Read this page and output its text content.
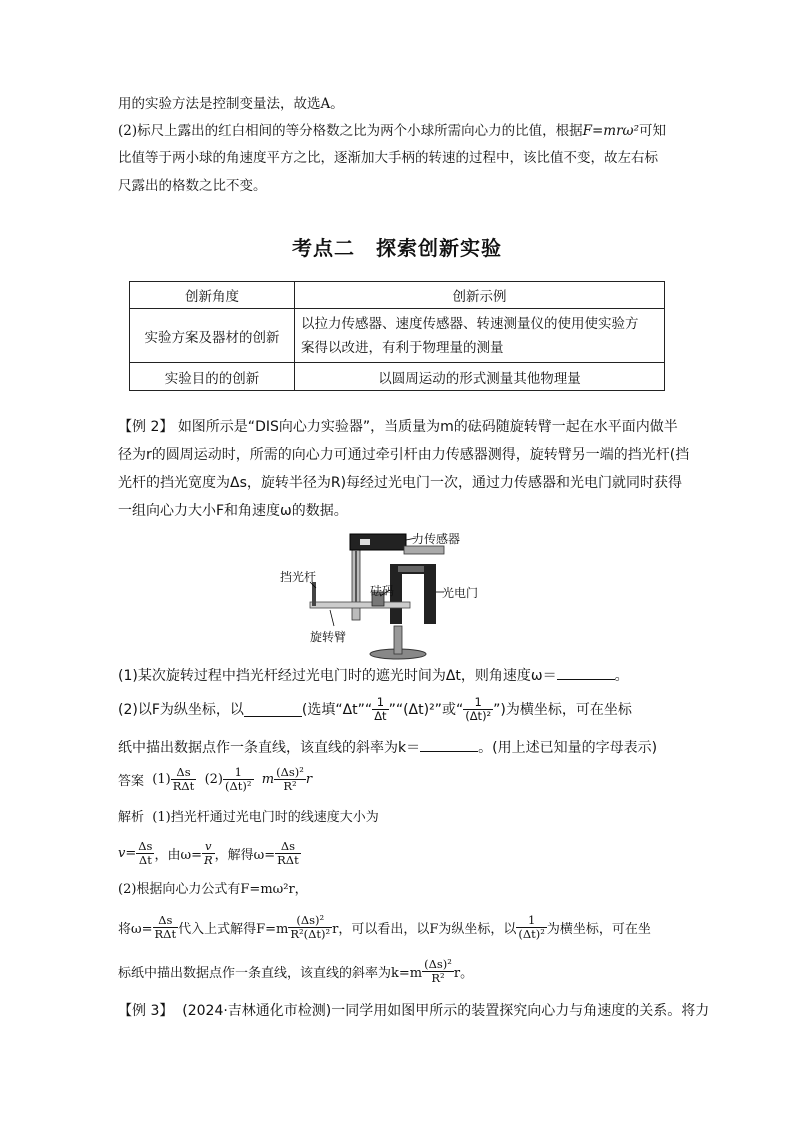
用的实验方法是控制变量法，故选A。
(2)标尺上露出的红白相间的等分格数之比为两个小球所需向心力的比值，根据F=mrω²可知
比值等于两小球的角速度平方之比，逐渐加大手柄的转速的过程中，该比值不变，故左右标
尺露出的格数之比不变。
考点二　探索创新实验
创新角度	创新示例
实验方案及器材的创新	以拉力传感器、速度传感器、转速测量仪的使用使实验方
案得以改进，有利于物理量的测量

实验目的的创新	以圆周运动的形式测量其他物理量
【例 2】 如图所示是“DIS向心力实验器”，当质量为m的砝码随旋转臂一起在水平面内做半
径为r的圆周运动时，所需的向心力可通过牵引杆由力传感器测得，旋转臂另一端的挡光杆(挡
光杆的挡光宽度为Δs，旋转半径为R)每经过光电门一次，通过力传感器和光电门就同时获得
一组向心力大小F和角速度ω的数据。
力传感器
挡光杆
砝码	光电门
旋转臂
(1)某次旋转过程中挡光杆经过光电门时的遮光时间为Δt，则角速度ω＝	。
(2)以F为纵坐标，以	(选填“Δt”“ $\frac{1}{\Delta t}$ ”“(Δt)²”或“ $\frac{1}{\text{(Δt)²}}$ ”)为横坐标，可在坐标
纸中描出数据点作一条直线，该直线的斜率为k＝	。(用上述已知量的字母表示)
答案
$(1) \frac{\Delta s}{\text{RΔt}}$
$(2) \frac{1}{\text{(Δt)²}}$
m $\frac{\text{(Δs)²}}{\text{R²}}$ r
解析 (1)挡光杆通过光电门时的线速度大小为
$v= \frac{\Delta s}{\Delta t}$ ，由$\omega= \frac{v}{R}$ ，解得$\omega= \frac{\Delta s}{\text{RΔt}}$
(2)根据向心力公式有F=mω²r，
将$\omega= \frac{\Delta s}{\text{RΔt}}$ 代入上式解得$F=m \frac{\text{(Δs)²}}{\text{R²(Δt)²}}$ r，可以看出，以F为纵坐标，以 $\frac{1}{\text{(Δt)²}}$ 为横坐标，可在坐
标纸中描出数据点作一条直线，该直线的斜率为$k=m \frac{\text{(Δs)²}}{\text{R²}}$ r。
【例 3】 (2024·吉林通化市检测)一同学用如图甲所示的装置探究向心力与角速度的关系。将力
